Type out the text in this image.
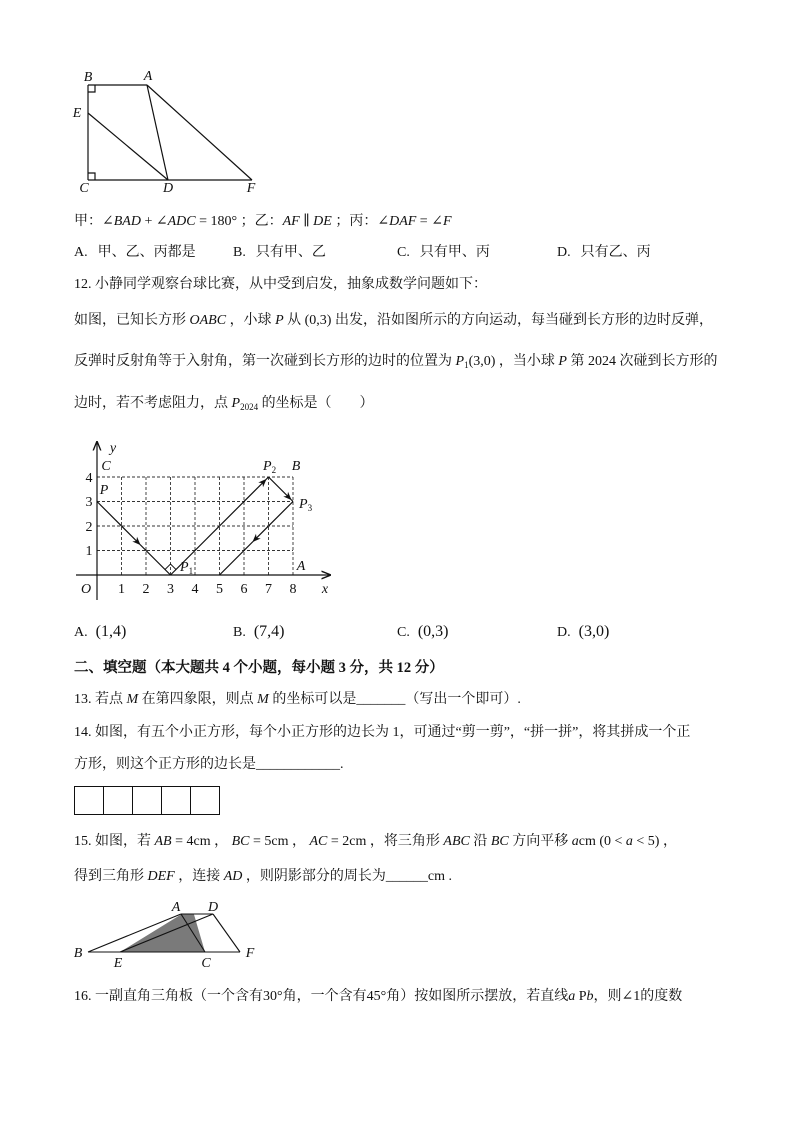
B	A
E
C	D	F
甲：∠BAD + ∠ADC = 180° ；乙：AF ∥ DE ；丙：∠DAF = ∠F
A. 甲、乙、丙都是	B. 只有甲、乙	C. 只有甲、丙	D. 只有乙、丙
12. 小静同学观察台球比赛，从中受到启发，抽象成数学问题如下：
如图，已知长方形 OABC ，小球 P 从 (0,3) 出发，沿如图所示的方向运动，每当碰到长方形的边时反弹，
反弹时反射角等于入射角，第一次碰到长方形的边时的位置为 $P_1(3,0)$ ，当小球 P 第 2024 次碰到长方形的
边时，若不考虑阻力，点 $P_{2024}$ 的坐标是（　　）
y
x
O
C
P
B
A
$P_1$
$P_2$
$P_3$
1 2 3 4 5 6 7 8
1
2
3
4
A. (1,4)	B. (7,4)	C. (0,3)	D. (3,0)
二、填空题（本大题共 4 个小题，每小题 3 分，共 12 分）
13. 若点 M 在第四象限，则点 M 的坐标可以是_______（写出一个即可）.
14. 如图，有五个小正方形，每个小正方形的边长为 1，可通过“剪一剪”，“拼一拼”，将其拼成一个正
方形，则这个正方形的边长是____________.
15. 如图，若 AB = 4cm ， BC = 5cm ， AC = 2cm ，将三角形 ABC 沿 BC 方向平移 acm (0 < a < 5) ，
得到三角形 DEF ，连接 AD ，则阴影部分的周长为______cm .
A D
B
E	C
F
16. 一副直角三角板（一个含有30°角，一个含有45°角）按如图所示摆放，若直线a Pb，则∠1的度数
